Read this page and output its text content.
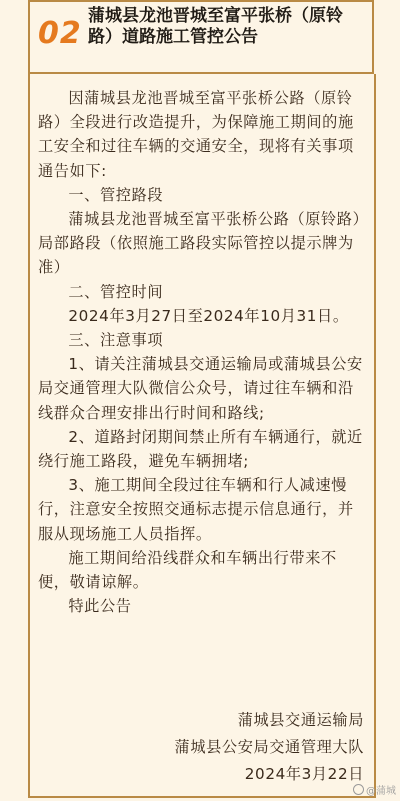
02 蒲城县龙池晋城至富平张桥（原铃路）道路施工管控公告

因蒲城县龙池晋城至富平张桥公路（原铃路）全段进行改造提升，为保障施工期间的施工安全和过往车辆的交通安全，现将有关事项通告如下:

一、管控路段

蒲城县龙池晋城至富平张桥公路（原铃路）局部路段（依照施工路段实际管控以提示牌为准）

二、管控时间

2024年3月27日至2024年10月31日。

三、注意事项

1、请关注蒲城县交通运输局或蒲城县公安局交通管理大队微信公众号，请过往车辆和沿线群众合理安排出行时间和路线;

2、道路封闭期间禁止所有车辆通行，就近绕行施工路段，避免车辆拥堵;

3、施工期间全段过往车辆和行人减速慢行，注意安全按照交通标志提示信息通行，并服从现场施工人员指挥。

施工期间给沿线群众和车辆出行带来不便，敬请谅解。

特此公告

蒲城县交通运输局
蒲城县公安局交通管理大队
2024年3月22日
@蒲城
